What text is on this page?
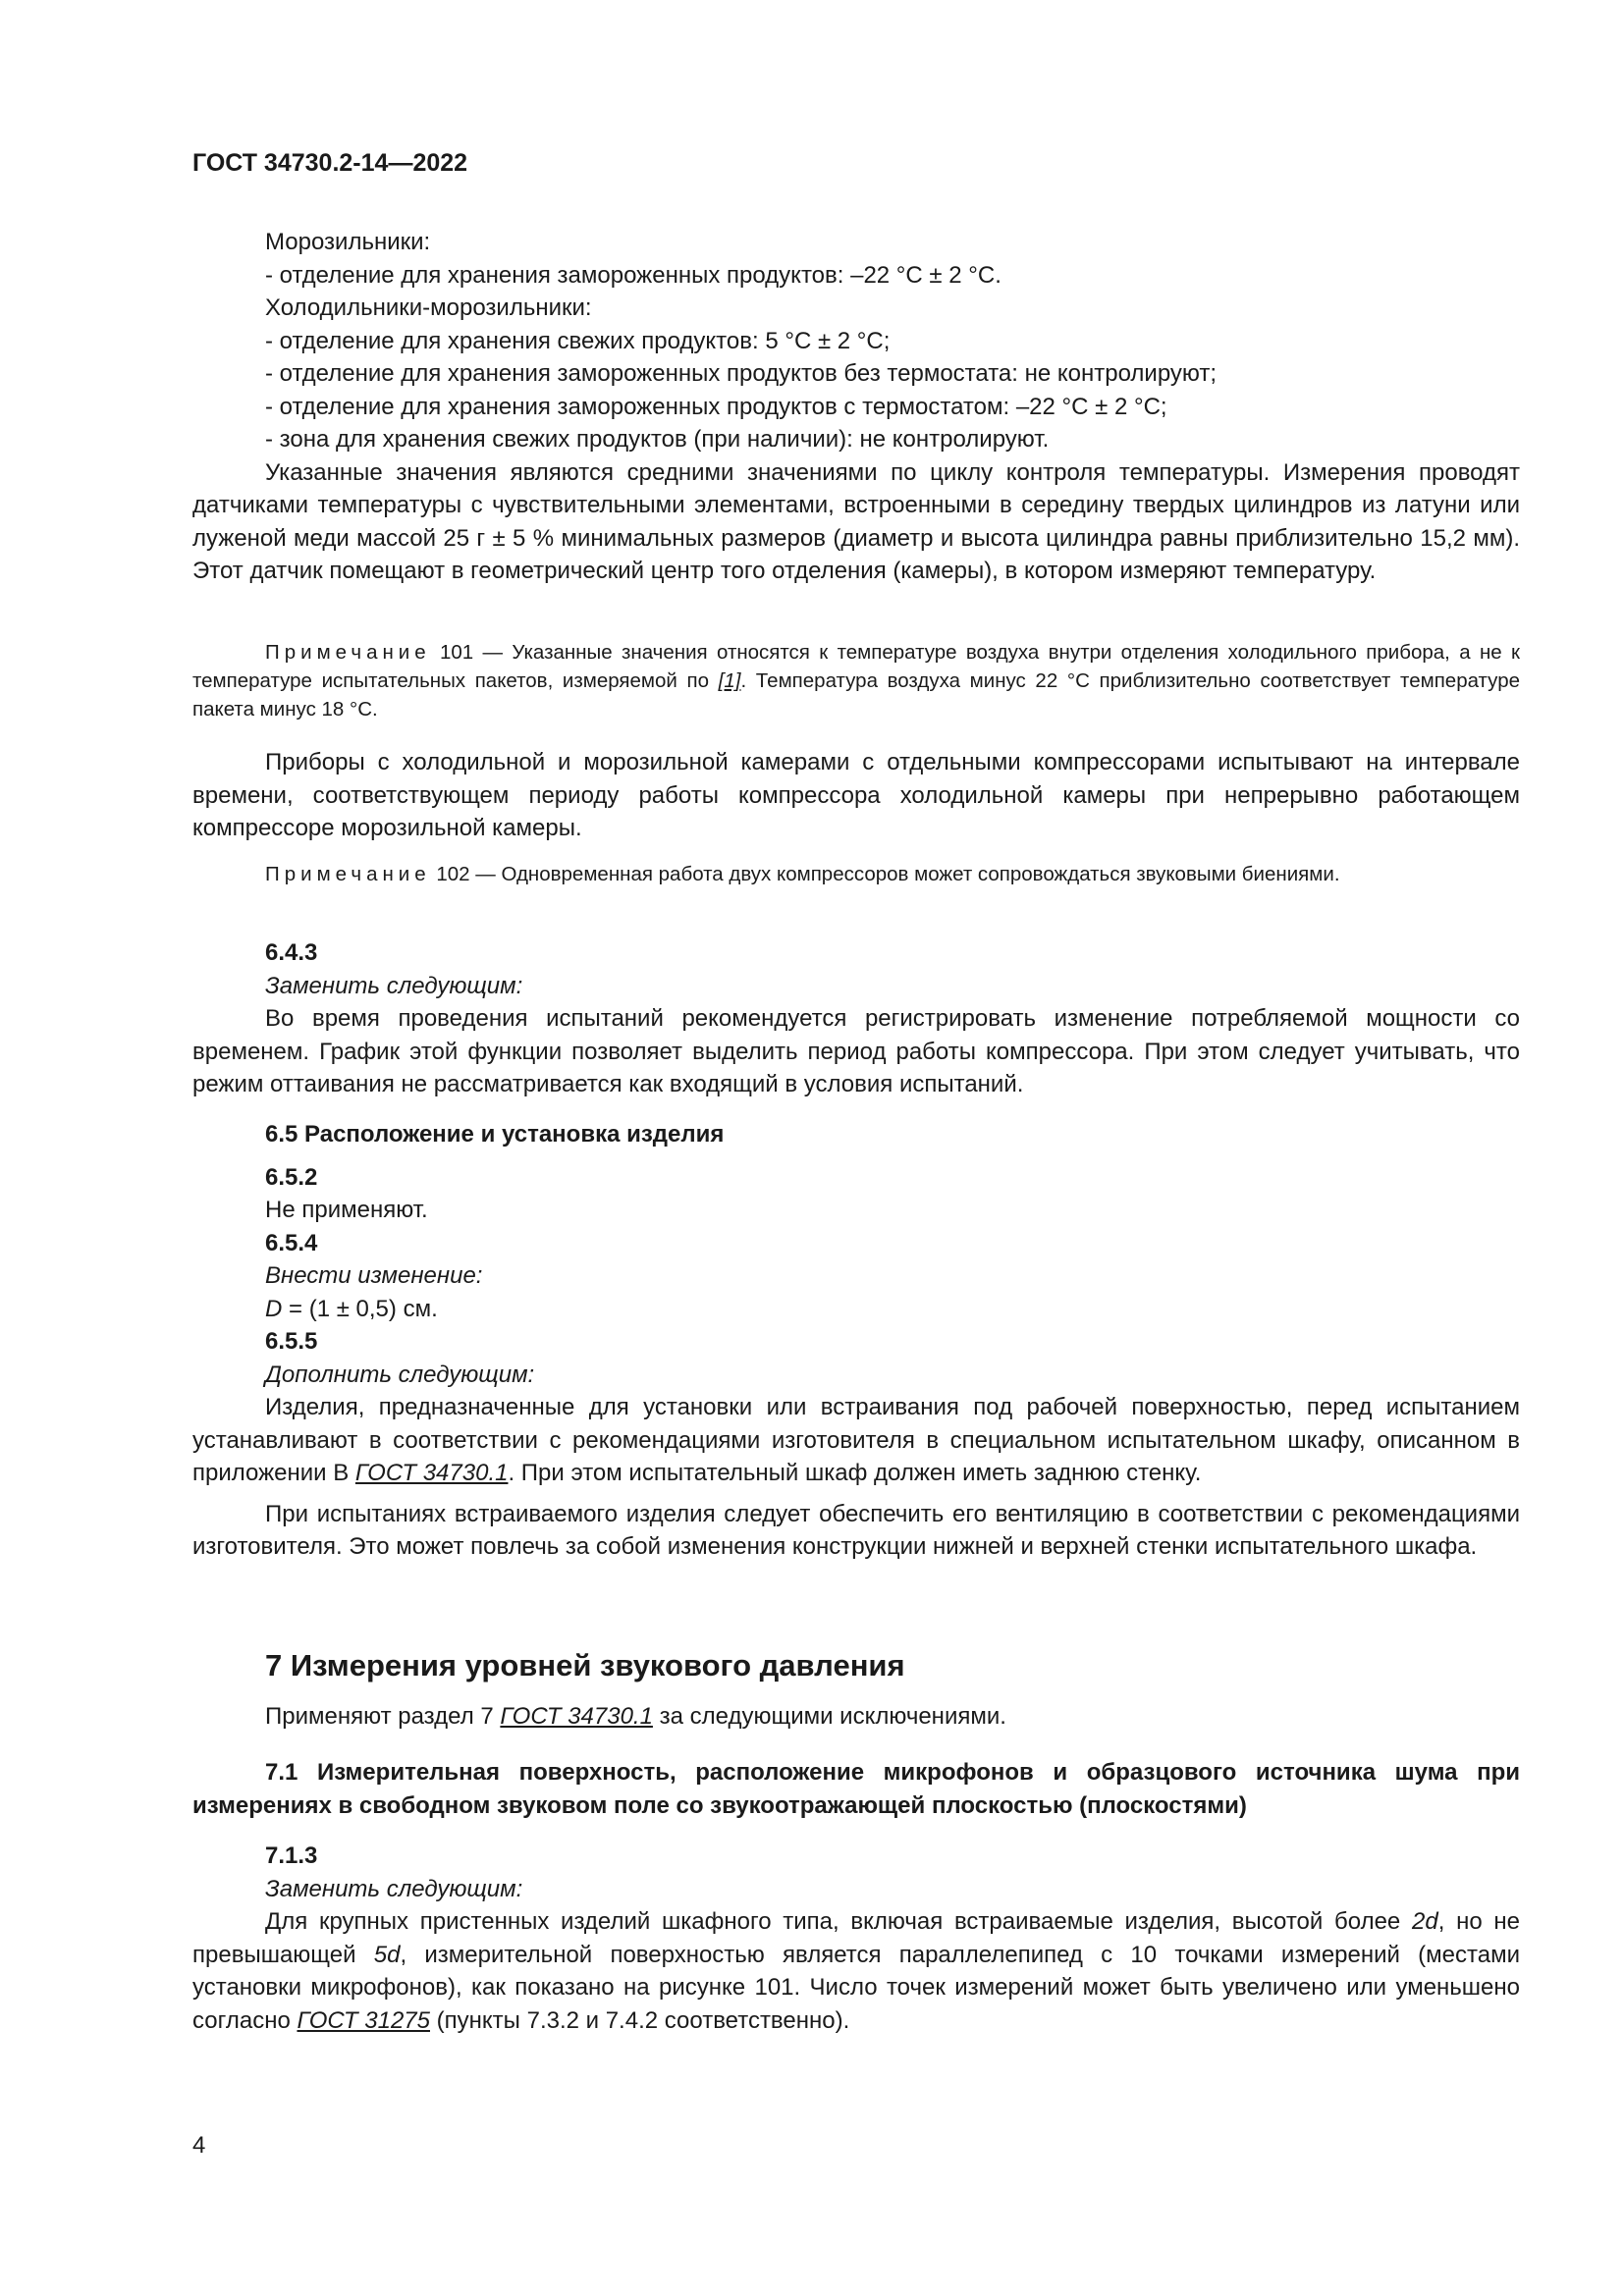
ГОСТ 34730.2-14—2022

Морозильники:

- отделение для хранения замороженных продуктов: –22 °С ± 2 °С.

Холодильники-морозильники:

- отделение для хранения свежих продуктов: 5 °С ± 2 °С;

- отделение для хранения замороженных продуктов без термостата: не контролируют;

- отделение для хранения замороженных продуктов с термостатом: –22 °С ± 2 °С;

- зона для хранения свежих продуктов (при наличии): не контролируют.

Указанные значения являются средними значениями по циклу контроля температуры. Измерения проводят датчиками температуры с чувствительными элементами, встроенными в середину твердых цилиндров из латуни или луженой меди массой 25 г ± 5 % минимальных размеров (диаметр и высота цилиндра равны приблизительно 15,2 мм). Этот датчик помещают в геометрический центр того отделения (камеры), в котором измеряют температуру.

Примечание 101 — Указанные значения относятся к температуре воздуха внутри отделения холодильного прибора, а не к температуре испытательных пакетов, измеряемой по [1]. Температура воздуха минус 22 °С приблизительно соответствует температуре пакета минус 18 °С.

Приборы с холодильной и морозильной камерами с отдельными компрессорами испытывают на интервале времени, соответствующем периоду работы компрессора холодильной камеры при непрерывно работающем компрессоре морозильной камеры.

Примечание 102 — Одновременная работа двух компрессоров может сопровождаться звуковыми биениями.

6.4.3

Заменить следующим:

Во время проведения испытаний рекомендуется регистрировать изменение потребляемой мощности со временем. График этой функции позволяет выделить период работы компрессора. При этом следует учитывать, что режим оттаивания не рассматривается как входящий в условия испытаний.

6.5 Расположение и установка изделия

6.5.2

Не применяют.

6.5.4

Внести изменение:

D = (1 ± 0,5) см.

6.5.5

Дополнить следующим:

Изделия, предназначенные для установки или встраивания под рабочей поверхностью, перед испытанием устанавливают в соответствии с рекомендациями изготовителя в специальном испытательном шкафу, описанном в приложении В ГОСТ 34730.1. При этом испытательный шкаф должен иметь заднюю стенку.

При испытаниях встраиваемого изделия следует обеспечить его вентиляцию в соответствии с рекомендациями изготовителя. Это может повлечь за собой изменения конструкции нижней и верхней стенки испытательного шкафа.

7 Измерения уровней звукового давления

Применяют раздел 7 ГОСТ 34730.1 за следующими исключениями.

7.1 Измерительная поверхность, расположение микрофонов и образцового источника шума при измерениях в свободном звуковом поле со звукоотражающей плоскостью (плоскостями)

7.1.3

Заменить следующим:

Для крупных пристенных изделий шкафного типа, включая встраиваемые изделия, высотой более 2d, но не превышающей 5d, измерительной поверхностью является параллелепипед с 10 точками измерений (местами установки микрофонов), как показано на рисунке 101. Число точек измерений может быть увеличено или уменьшено согласно ГОСТ 31275 (пункты 7.3.2 и 7.4.2 соответственно).

4
